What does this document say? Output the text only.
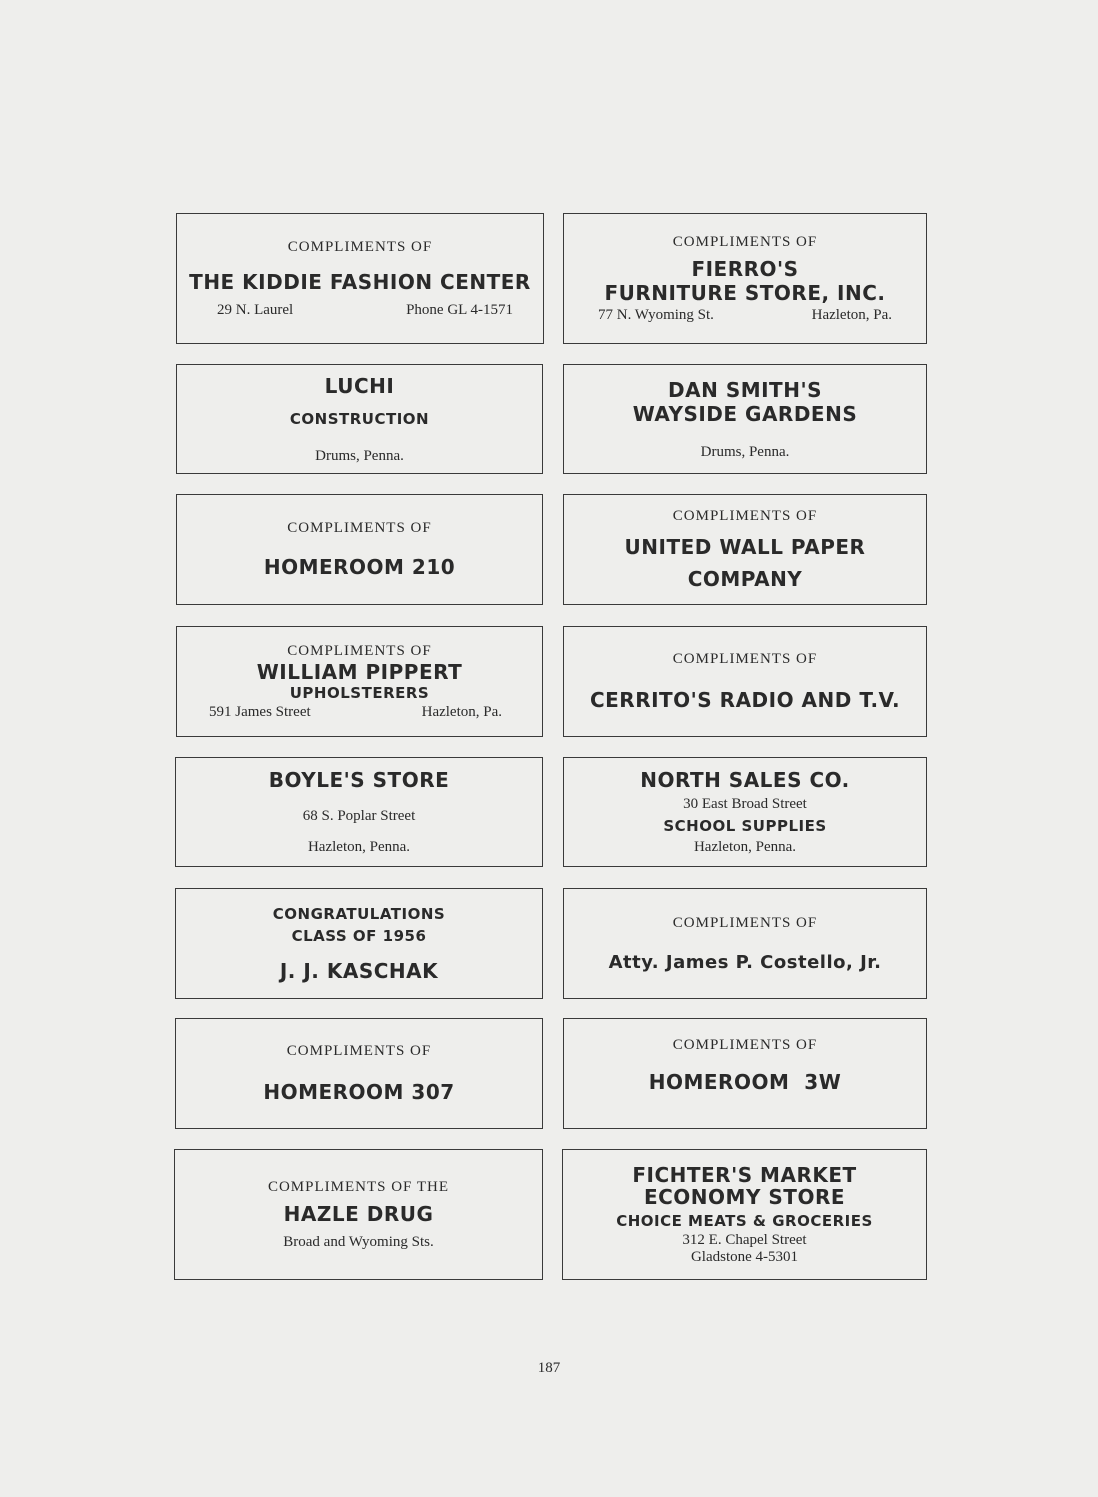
COMPLIMENTS OF
THE KIDDIE FASHION CENTER
29 N. Laurel	Phone GL 4-1571
COMPLIMENTS OF
FIERRO'S
FURNITURE STORE, INC.
77 N. Wyoming St.	Hazleton, Pa.
LUCHI
CONSTRUCTION
Drums, Penna.
DAN SMITH'S
WAYSIDE GARDENS
Drums, Penna.
COMPLIMENTS OF
HOMEROOM 210
COMPLIMENTS OF
UNITED WALL PAPER
COMPANY
COMPLIMENTS OF
WILLIAM PIPPERT
UPHOLSTERERS
591 James Street	Hazleton, Pa.
COMPLIMENTS OF
CERRITO'S RADIO AND T.V.
BOYLE'S STORE
68 S. Poplar Street
Hazleton, Penna.
NORTH SALES CO.
30 East Broad Street
SCHOOL SUPPLIES
Hazleton, Penna.
CONGRATULATIONS
CLASS OF 1956
J. J. KASCHAK
COMPLIMENTS OF
Atty. James P. Costello, Jr.
COMPLIMENTS OF
HOMEROOM 307
COMPLIMENTS OF
HOMEROOM  3W
COMPLIMENTS OF THE
HAZLE DRUG
Broad and Wyoming Sts.
FICHTER'S MARKET
ECONOMY STORE
CHOICE MEATS & GROCERIES
312 E. Chapel Street
Gladstone 4-5301
187
